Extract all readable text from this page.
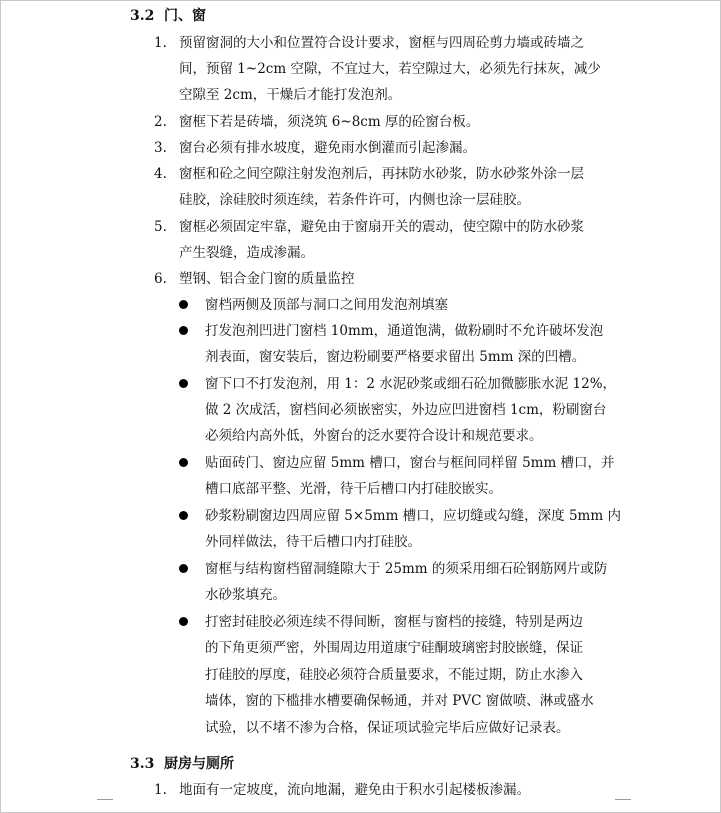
3.2 门、窗
1. 预留窗洞的大小和位置符合设计要求，窗框与四周砼剪力墙或砖墙之
间，预留 1~2cm 空隙，不宜过大，若空隙过大，必须先行抹灰，减少
空隙至 2cm，干燥后才能打发泡剂。
2. 窗框下若是砖墙，须浇筑 6~8cm 厚的砼窗台板。
3. 窗台必须有排水坡度，避免雨水倒灌而引起渗漏。
4. 窗框和砼之间空隙注射发泡剂后，再抹防水砂浆，防水砂浆外涂一层
硅胶，涂硅胶时须连续，若条件许可，内侧也涂一层硅胶。
5. 窗框必须固定牢靠，避免由于窗扇开关的震动，使空隙中的防水砂浆
产生裂缝，造成渗漏。
6. 塑钢、铝合金门窗的质量监控
窗档两侧及顶部与洞口之间用发泡剂填塞
打发泡剂凹进门窗档 10mm，通道饱满，做粉刷时不允许破坏发泡
剂表面，窗安装后，窗边粉刷要严格要求留出 5mm 深的凹槽。
窗下口不打发泡剂，用 1：2 水泥砂浆或细石砼加微膨胀水泥 12%，
做 2 次成活，窗档间必须嵌密实，外边应凹进窗档 1cm，粉刷窗台
必须给内高外低，外窗台的泛水要符合设计和规范要求。
贴面砖门、窗边应留 5mm 槽口，窗台与框间同样留 5mm 槽口，并
槽口底部平整、光滑，待干后槽口内打硅胶嵌实。
砂浆粉刷窗边四周应留 5×5mm 槽口，应切缝或勾缝，深度 5mm 内
外同样做法，待干后槽口内打硅胶。
窗框与结构窗档留洞缝隙大于 25mm 的须采用细石砼钢筋网片或防
水砂浆填充。
打密封硅胶必须连续不得间断，窗框与窗档的接缝，特别是两边
的下角更须严密，外围周边用道康宁硅酮玻璃密封胶嵌缝，保证
打硅胶的厚度，硅胶必须符合质量要求，不能过期，防止水渗入
墙体，窗的下槛排水槽要确保畅通，并对 PVC 窗做喷、淋或盛水
试验，以不堵不渗为合格，保证项试验完毕后应做好记录表。
3.3 厨房与厕所
1. 地面有一定坡度，流向地漏，避免由于积水引起楼板渗漏。
